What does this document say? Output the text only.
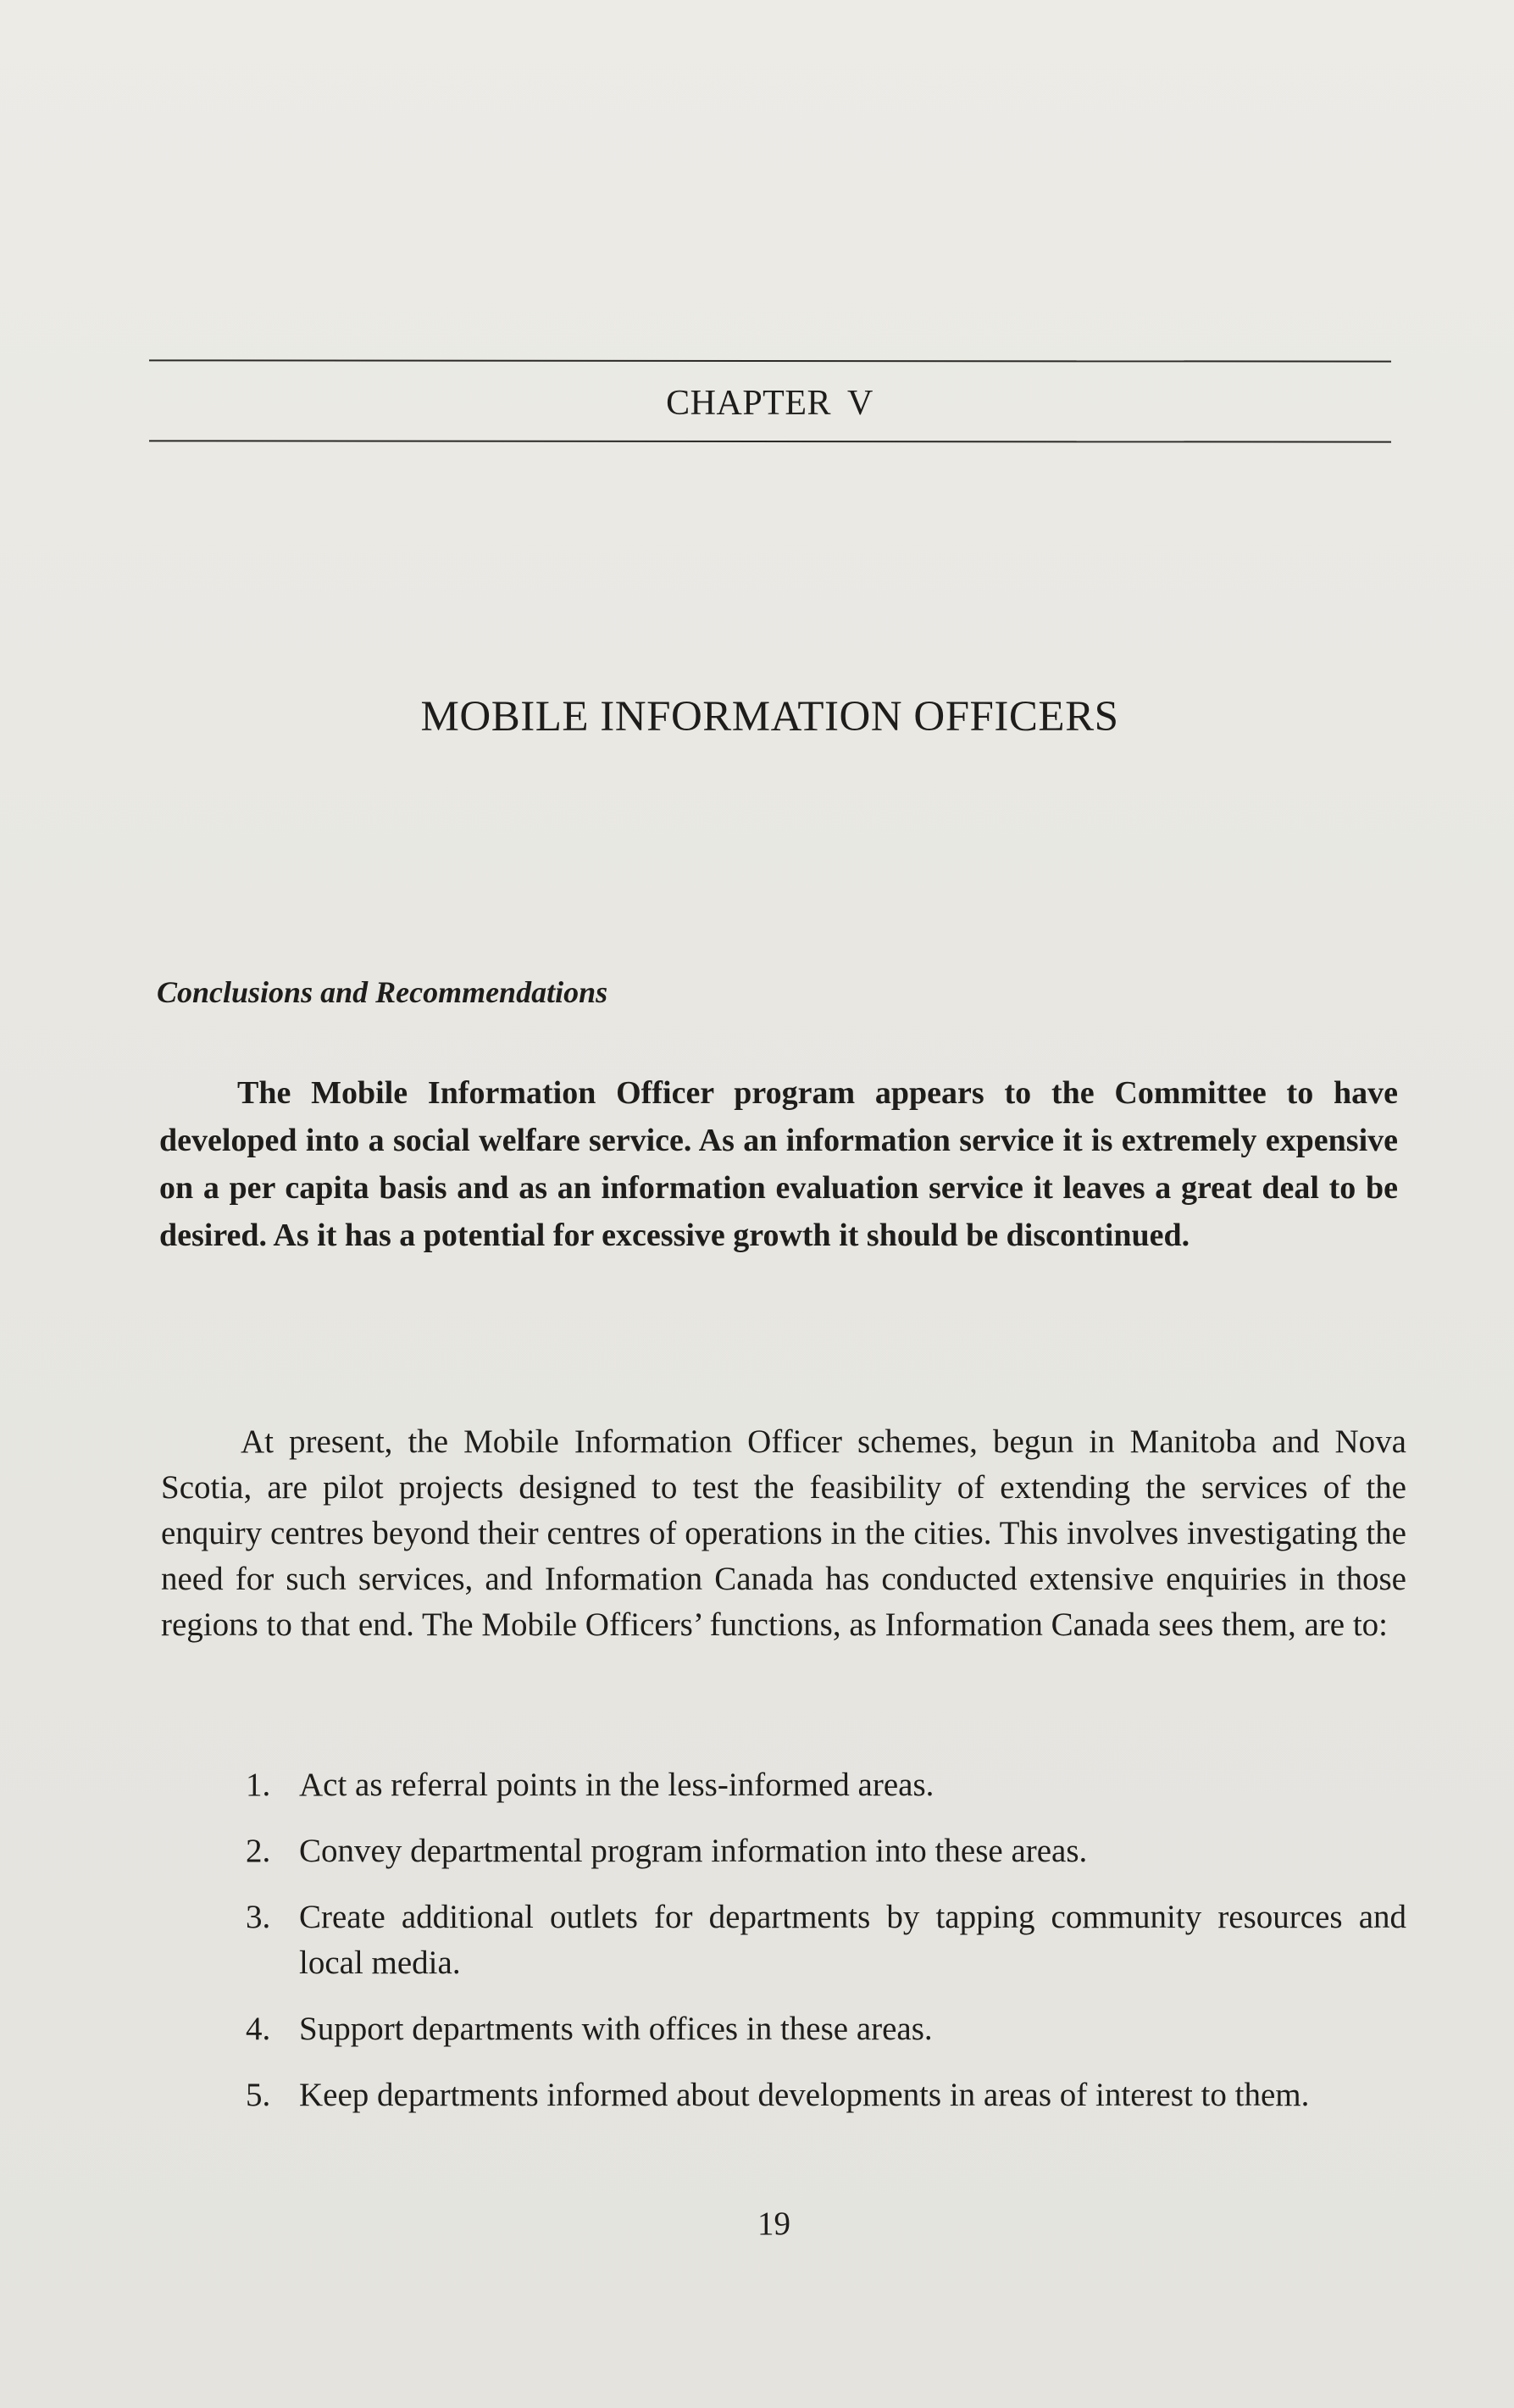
CHAPTER V
MOBILE INFORMATION OFFICERS
Conclusions and Recommendations

The Mobile Information Officer program appears to the Committee to have developed into a social welfare service. As an information service it is extremely expensive on a per capita basis and as an information evaluation service it leaves a great deal to be desired. As it has a potential for excessive growth it should be discontinued.

At present, the Mobile Information Officer schemes, begun in Manitoba and Nova Scotia, are pilot projects designed to test the feasibility of extending the services of the enquiry centres beyond their centres of operations in the cities. This involves investigating the need for such services, and Information Canada has conducted extensive enquiries in those regions to that end. The Mobile Officers’ functions, as Information Canada sees them, are to:

1. Act as referral points in the less-informed areas.
2. Convey departmental program information into these areas.
3. Create additional outlets for departments by tapping community resources and local media.
4. Support departments with offices in these areas.
5. Keep departments informed about developments in areas of interest to them.
19
